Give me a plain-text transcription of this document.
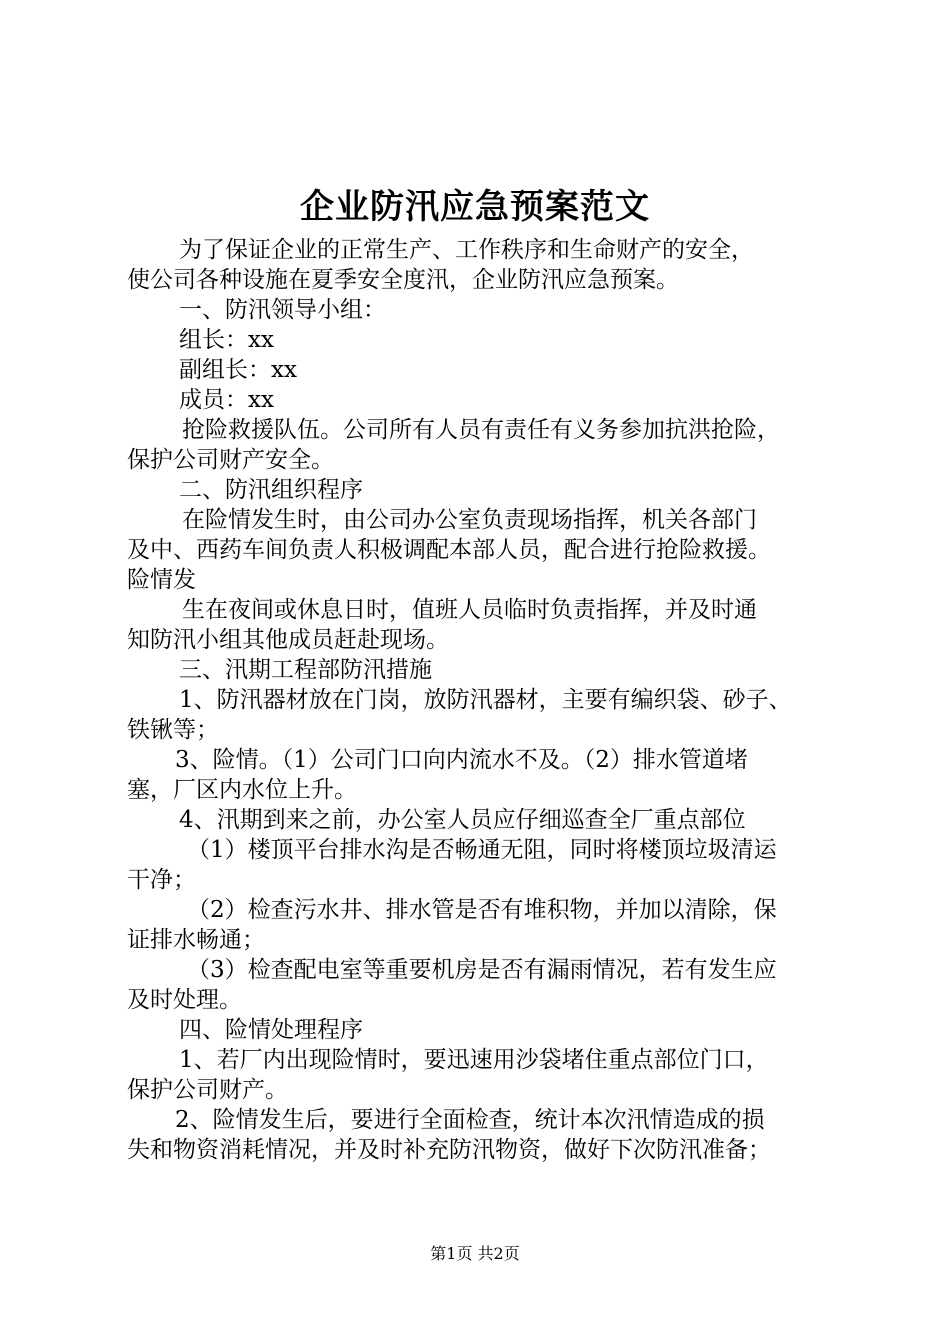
企业防汛应急预案范文
为了保证企业的正常生产、工作秩序和生命财产的安全，
使公司各种设施在夏季安全度汛，企业防汛应急预案。
一、防汛领导小组：
组长：xx
副组长：xx
成员：xx
抢险救援队伍。公司所有人员有责任有义务参加抗洪抢险，
保护公司财产安全。
二、防汛组织程序
在险情发生时，由公司办公室负责现场指挥，机关各部门
及中、西药车间负责人积极调配本部人员，配合进行抢险救援。
险情发
生在夜间或休息日时，值班人员临时负责指挥，并及时通
知防汛小组其他成员赶赴现场。
三、汛期工程部防汛措施
1、防汛器材放在门岗，放防汛器材，主要有编织袋、砂子、
铁锹等；
3、险情。（1）公司门口向内流水不及。（2）排水管道堵
塞，厂区内水位上升。
4、汛期到来之前，办公室人员应仔细巡查全厂重点部位
（1）楼顶平台排水沟是否畅通无阻，同时将楼顶垃圾清运
干净；
（2）检查污水井、排水管是否有堆积物，并加以清除，保
证排水畅通；
（3）检查配电室等重要机房是否有漏雨情况，若有发生应
及时处理。
四、险情处理程序
1、若厂内出现险情时，要迅速用沙袋堵住重点部位门口，
保护公司财产。
2、险情发生后，要进行全面检查，统计本次汛情造成的损
失和物资消耗情况，并及时补充防汛物资，做好下次防汛准备；
第1页 共2页
